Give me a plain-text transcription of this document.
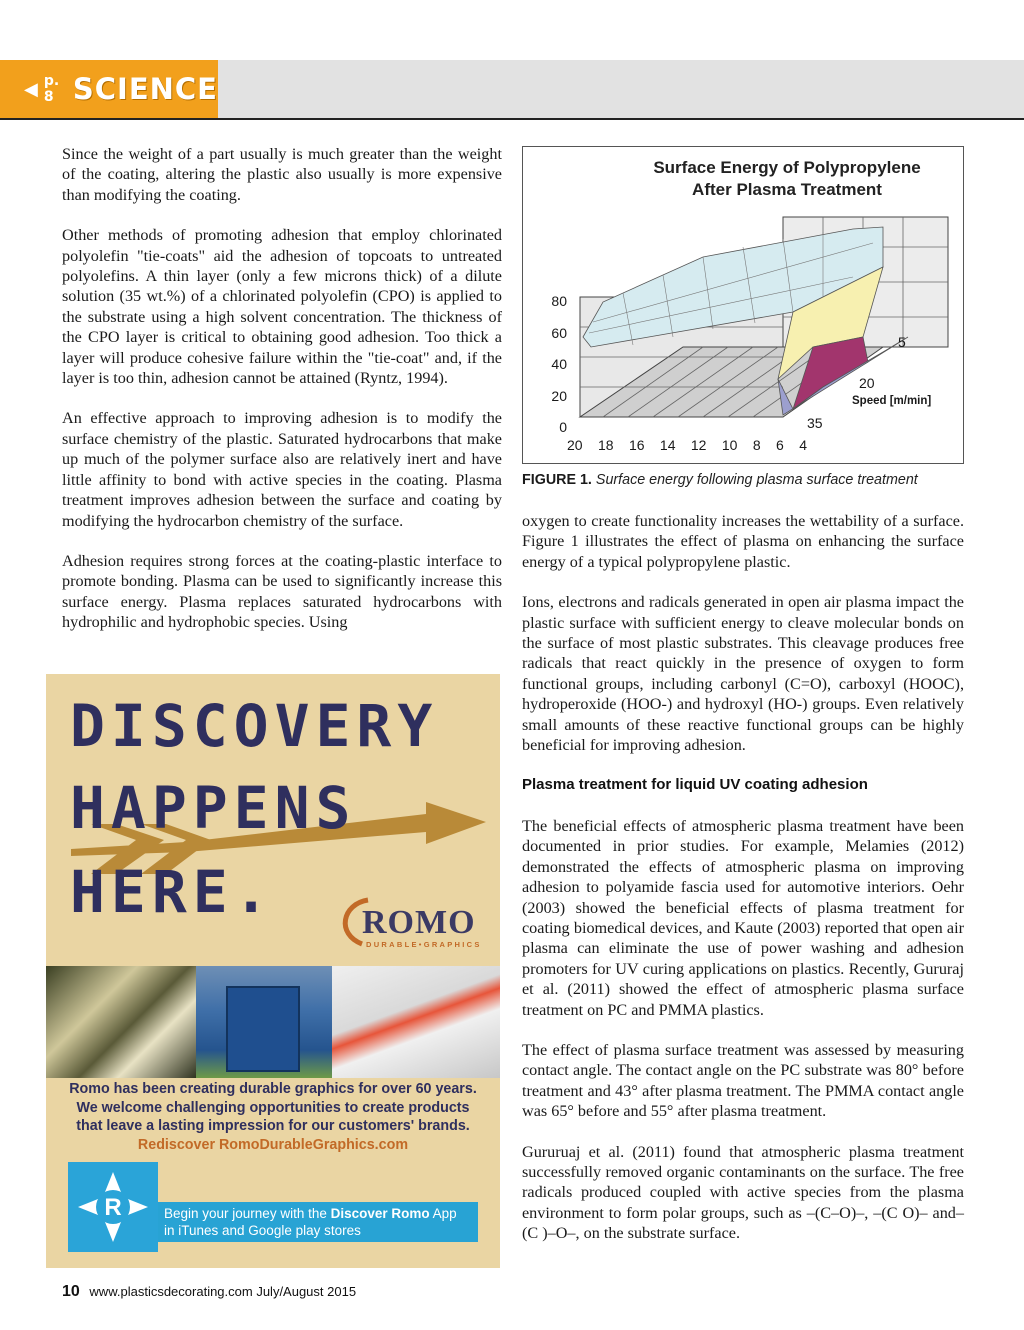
◀ p. 8 SCIENCE

Since the weight of a part usually is much greater than the weight of the coating, altering the plastic also usually is more expensive than modifying the coating.

Other methods of promoting adhesion that employ chlorinated polyolefin "tie-coats" aid the adhesion of topcoats to untreated polyolefins. A thin layer (only a few microns thick) of a dilute solution (35 wt.%) of a chlorinated polyolefin (CPO) is applied to the substrate using a high solvent concentration. The thickness of the CPO layer is critical to obtaining good adhesion. Too thick a layer will produce cohesive failure within the "tie-coat" and, if the layer is too thin, adhesion cannot be attained (Ryntz, 1994).

An effective approach to improving adhesion is to modify the surface chemistry of the plastic. Saturated hydrocarbons that make up much of the polymer surface also are relatively inert and have little affinity to bond with active species in the coating. Plasma treatment improves adhesion between the surface and coating by modifying the hydrocarbon chemistry of the surface.

Adhesion requires strong forces at the coating-plastic interface to promote bonding. Plasma can be used to significantly increase this surface energy. Plasma replaces saturated hydrocarbons with hydrophilic and hydrophobic species. Using

Surface Energy of Polypropylene
After Plasma Treatment
80
60
40
20
0
20 18 16 14 12 10 8 6 4
5
20
35
Speed [m/min]
FIGURE 1. Surface energy following plasma surface treatment

oxygen to create functionality increases the wettability of a surface. Figure 1 illustrates the effect of plasma on enhancing the surface energy of a typical polypropylene plastic.

Ions, electrons and radicals generated in open air plasma impact the plastic surface with sufficient energy to cleave molecular bonds on the surface of most plastic substrates. This cleavage produces free radicals that react quickly in the presence of oxygen to form functional groups, including carbonyl (C=O), carboxyl (HOOC), hydroperoxide (HOO-) and hydroxyl (HO-) groups. Even relatively small amounts of these reactive functional groups can be highly beneficial for improving adhesion.

Plasma treatment for liquid UV coating adhesion

The beneficial effects of atmospheric plasma treatment have been documented in prior studies. For example, Melamies (2012) demonstrated the effects of atmospheric plasma on improving adhesion to polyamide fascia used for automotive interiors. Oehr (2003) showed the beneficial effects of plasma treatment for coating biomedical devices, and Kaute (2003) reported that open air plasma can eliminate the use of power washing and adhesion promoters for UV curing applications on plastics. Recently, Gururaj et al. (2011) showed the effect of atmospheric plasma surface treatment on PC and PMMA plastics.

The effect of plasma surface treatment was assessed by measuring contact angle. The contact angle on the PC substrate was 80° before treatment and 43° after plasma treatment. The PMMA contact angle was 65° before and 55° after plasma treatment.

Gururuaj et al. (2011) found that atmospheric plasma treatment successfully removed organic contaminants on the surface. The free radicals produced coupled with active species from the plasma environment to form polar groups, such as –(C–O)–, –(C O)– and–(C )–O–, on the substrate surface.

DISCOVERY
HAPPENS
HERE.	ROMO
DURABLE•GRAPHICS
Romo has been creating durable graphics for over 60 years.
We welcome challenging opportunities to create products
that leave a lasting impression for our customers' brands.
Rediscover RomoDurableGraphics.com
R	Begin your journey with the Discover Romo App
in iTunes and Google play stores
10 www.plasticsdecorating.com July/August 2015
